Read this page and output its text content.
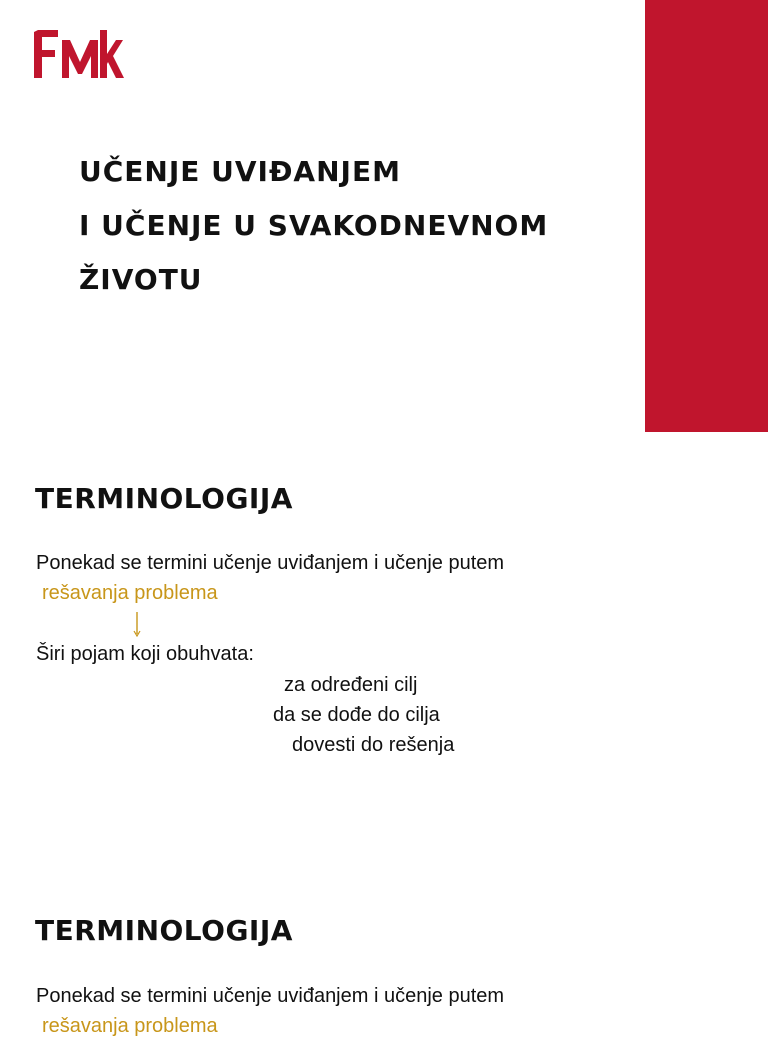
UČENJE UVIĐANJEM
I UČENJE U SVAKODNEVNOM
ŽIVOTU
TERMINOLOGIJA
Ponekad se termini učenje uviđanjem i učenje putem
rešavanja problema
Širi pojam koji obuhvata:
za određeni cilj
da se dođe do cilja
dovesti do rešenja
TERMINOLOGIJA
Ponekad se termini učenje uviđanjem i učenje putem
rešavanja problema
